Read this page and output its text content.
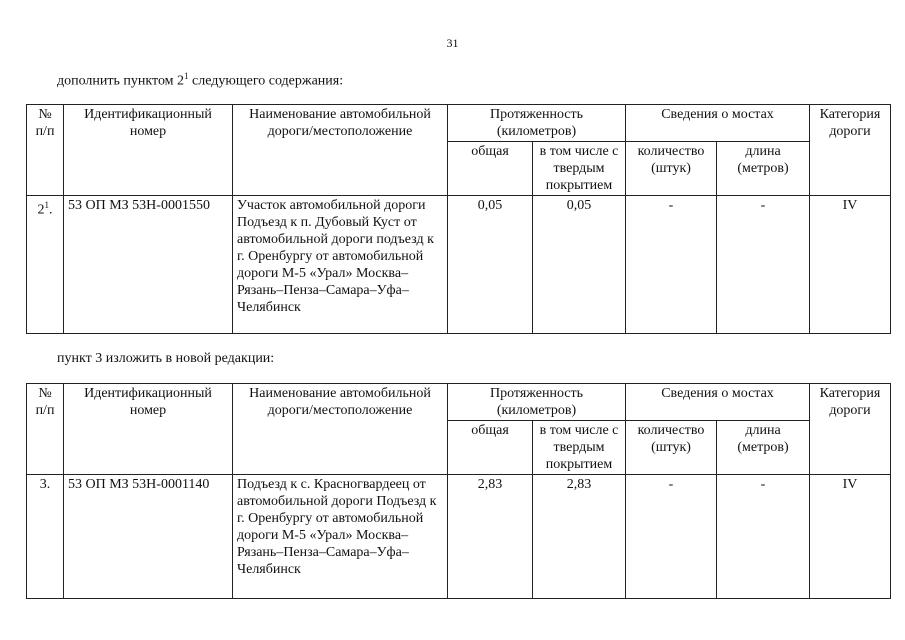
31
дополнить пунктом $2^1$ следующего содержания:
№ п/п	Идентификационный номер	Наименование автомобильной дороги/местоположение	Протяженность (километров)		Сведения о мостах		Категория дороги
			общая	в том числе с твердым покрытием	количество (штук)	длина (метров)	
$2^1$.	53 ОП МЗ 53Н-0001550	Участок автомобильной дороги Подъезд к п. Дубовый Куст от автомобильной дороги подъезд к г. Оренбургу от автомобильной дороги М-5 «Урал» Москва–Рязань–Пенза–Самара–Уфа–Челябинск	0,05	0,05	-	-	IV
пункт 3 изложить в новой редакции:
№ п/п	Идентификационный номер	Наименование автомобильной дороги/местоположение	Протяженность (километров)		Сведения о мостах		Категория дороги
			общая	в том числе с твердым покрытием	количество (штук)	длина (метров)	
3.	53 ОП МЗ 53Н-0001140	Подъезд к с. Красногвардеец от автомобильной дороги Подъезд к г. Оренбургу от автомобильной дороги М-5 «Урал» Москва–Рязань–Пенза–Самара–Уфа–Челябинск	2,83	2,83	-	-	IV
